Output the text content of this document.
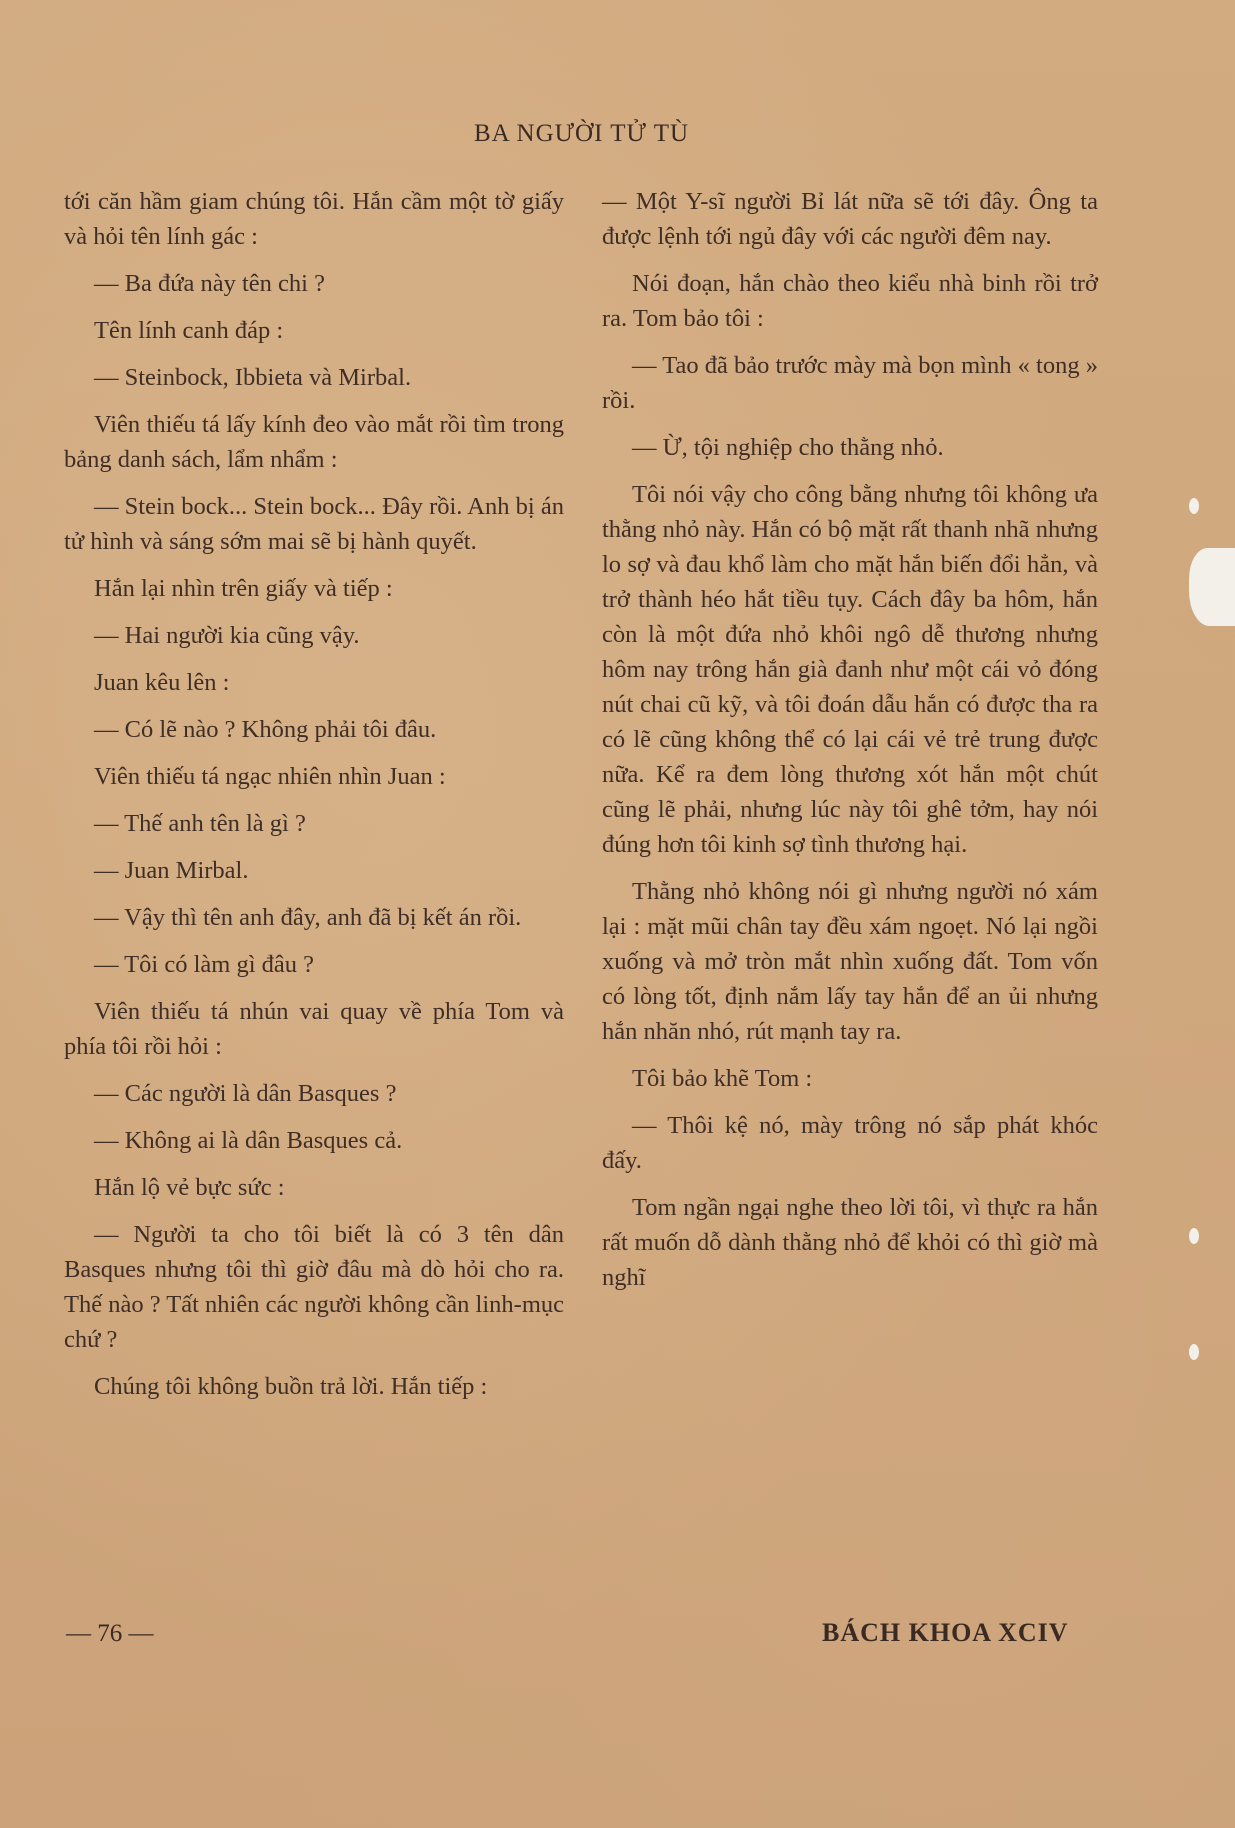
BA NGƯỜI TỬ TÙ

tới căn hầm giam chúng tôi. Hắn cầm một tờ giấy và hỏi tên lính gác :

— Ba đứa này tên chi ?

Tên lính canh đáp :

— Steinbock, Ibbieta và Mirbal.

Viên thiếu tá lấy kính đeo vào mắt rồi tìm trong bảng danh sách, lẩm nhẩm :

— Stein bock... Stein bock... Đây rồi. Anh bị án tử hình và sáng sớm mai sẽ bị hành quyết.

Hắn lại nhìn trên giấy và tiếp :

— Hai người kia cũng vậy.

Juan kêu lên :

— Có lẽ nào ? Không phải tôi đâu.

Viên thiếu tá ngạc nhiên nhìn Juan :

— Thế anh tên là gì ?

— Juan Mirbal.

— Vậy thì tên anh đây, anh đã bị kết án rồi.

— Tôi có làm gì đâu ?

Viên thiếu tá nhún vai quay về phía Tom và phía tôi rồi hỏi :

— Các người là dân Basques ?

— Không ai là dân Basques cả.

Hắn lộ vẻ bực sức :

— Người ta cho tôi biết là có 3 tên dân Basques nhưng tôi thì giờ đâu mà dò hỏi cho ra. Thế nào ? Tất nhiên các người không cần linh-mục chứ ?

Chúng tôi không buồn trả lời. Hắn tiếp :

— Một Y-sĩ người Bỉ lát nữa sẽ tới đây. Ông ta được lệnh tới ngủ đây với các người đêm nay.

Nói đoạn, hắn chào theo kiểu nhà binh rồi trở ra. Tom bảo tôi :

— Tao đã bảo trước mày mà bọn mình « tong » rồi.

— Ừ, tội nghiệp cho thằng nhỏ.

Tôi nói vậy cho công bằng nhưng tôi không ưa thằng nhỏ này. Hắn có bộ mặt rất thanh nhã nhưng lo sợ và đau khổ làm cho mặt hắn biến đổi hẳn, và trở thành héo hắt tiều tụy. Cách đây ba hôm, hắn còn là một đứa nhỏ khôi ngô dễ thương nhưng hôm nay trông hắn già đanh như một cái vỏ đóng nút chai cũ kỹ, và tôi đoán dẫu hắn có được tha ra có lẽ cũng không thể có lại cái vẻ trẻ trung được nữa. Kể ra đem lòng thương xót hắn một chút cũng lẽ phải, nhưng lúc này tôi ghê tởm, hay nói đúng hơn tôi kinh sợ tình thương hại.

Thằng nhỏ không nói gì nhưng người nó xám lại : mặt mũi chân tay đều xám ngoẹt. Nó lại ngồi xuống và mở tròn mắt nhìn xuống đất. Tom vốn có lòng tốt, định nắm lấy tay hắn để an ủi nhưng hắn nhăn nhó, rút mạnh tay ra.

Tôi bảo khẽ Tom :

— Thôi kệ nó, mày trông nó sắp phát khóc đấy.

Tom ngần ngại nghe theo lời tôi, vì thực ra hắn rất muốn dỗ dành thằng nhỏ để khỏi có thì giờ mà nghĩ

— 76 —	BÁCH KHOA XCIV
